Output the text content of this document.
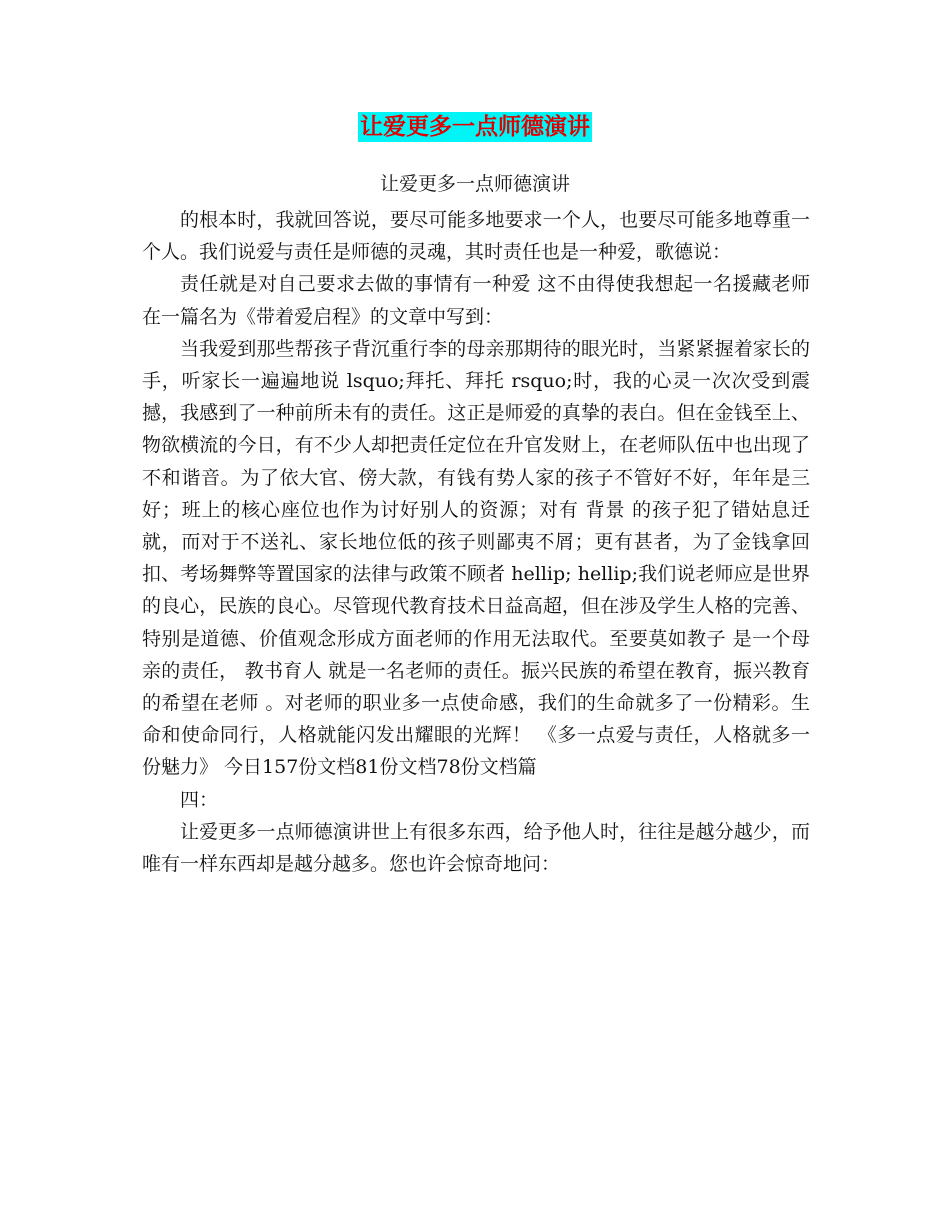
让爱更多一点师德演讲
让爱更多一点师德演讲

的根本时，我就回答说，要尽可能多地要求一个人，也要尽可能多地尊重一个人。我们说爱与责任是师德的灵魂，其时责任也是一种爱，歌德说：

责任就是对自己要求去做的事情有一种爱 这不由得使我想起一名援藏老师在一篇名为《带着爱启程》的文章中写到：

当我爱到那些帮孩子背沉重行李的母亲那期待的眼光时，当紧紧握着家长的手，听家长一遍遍地说 lsquo;拜托、拜托 rsquo;时，我的心灵一次次受到震撼，我感到了一种前所未有的责任。这正是师爱的真挚的表白。但在金钱至上、物欲横流的今日，有不少人却把责任定位在升官发财上，在老师队伍中也出现了不和谐音。为了依大官、傍大款，有钱有势人家的孩子不管好不好，年年是三好；班上的核心座位也作为讨好别人的资源；对有 背景 的孩子犯了错姑息迁就，而对于不送礼、家长地位低的孩子则鄙夷不屑；更有甚者，为了金钱拿回扣、考场舞弊等置国家的法律与政策不顾者 hellip; hellip;我们说老师应是世界的良心，民族的良心。尽管现代教育技术日益高超，但在涉及学生人格的完善、特别是道德、价值观念形成方面老师的作用无法取代。至要莫如教子 是一个母亲的责任， 教书育人 就是一名老师的责任。振兴民族的希望在教育，振兴教育的希望在老师 。对老师的职业多一点使命感，我们的生命就多了一份精彩。生命和使命同行，人格就能闪发出耀眼的光辉！ 《多一点爱与责任，人格就多一份魅力》 今日157份文档81份文档78份文档篇

四：

让爱更多一点师德演讲世上有很多东西，给予他人时，往往是越分越少，而唯有一样东西却是越分越多。您也许会惊奇地问：
